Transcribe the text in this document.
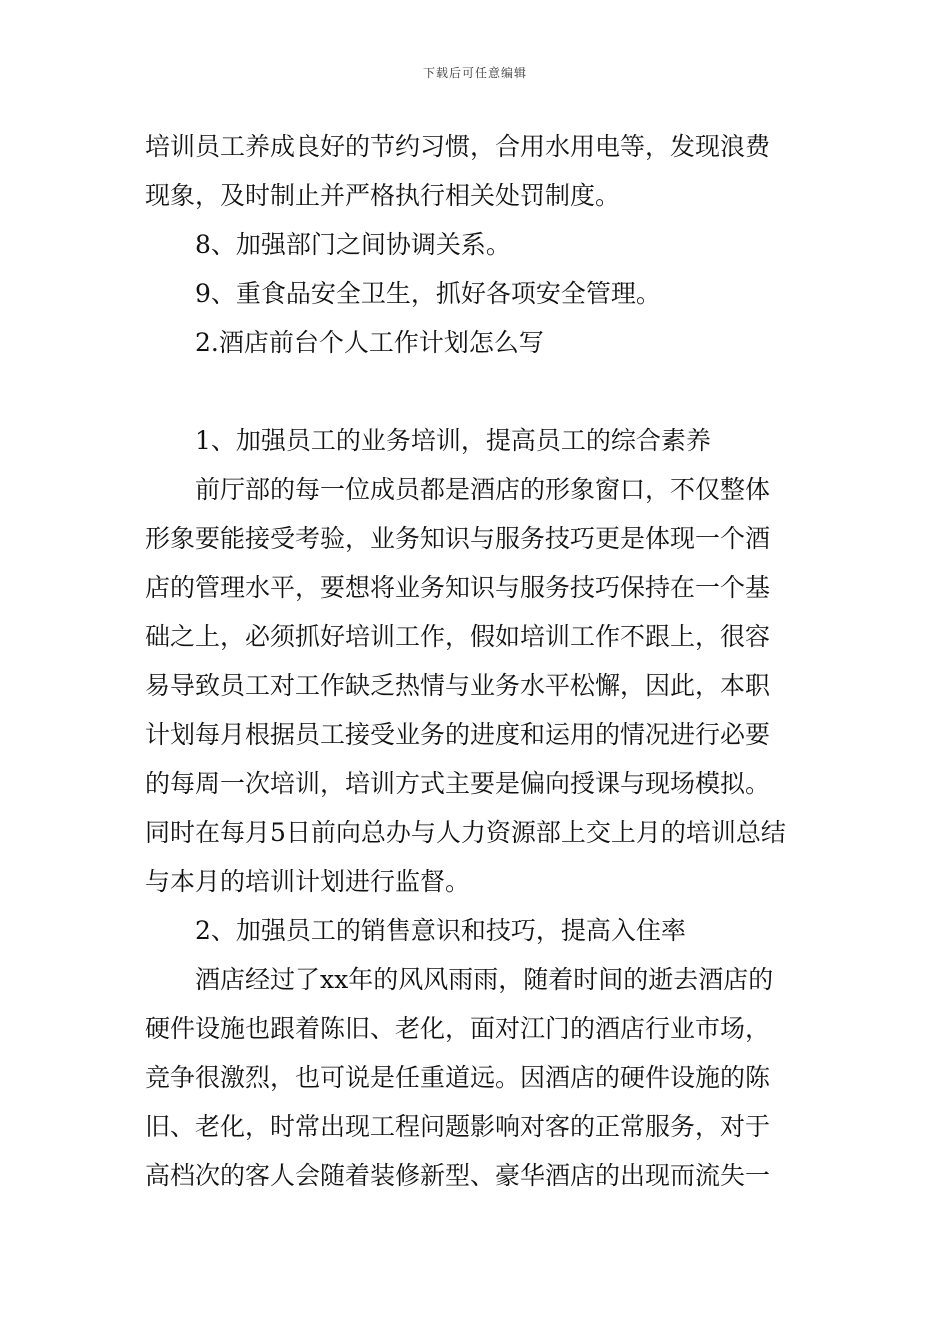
下载后可任意编辑
培训员工养成良好的节约习惯，合用水用电等，发现浪费
现象，及时制止并严格执行相关处罚制度。
8、加强部门之间协调关系。
9、重食品安全卫生，抓好各项安全管理。
2.酒店前台个人工作计划怎么写
1、加强员工的业务培训，提高员工的综合素养
前厅部的每一位成员都是酒店的形象窗口，不仅整体
形象要能接受考验，业务知识与服务技巧更是体现一个酒
店的管理水平，要想将业务知识与服务技巧保持在一个基
础之上，必须抓好培训工作，假如培训工作不跟上，很容
易导致员工对工作缺乏热情与业务水平松懈，因此，本职
计划每月根据员工接受业务的进度和运用的情况进行必要
的每周一次培训，培训方式主要是偏向授课与现场模拟。
同时在每月5日前向总办与人力资源部上交上月的培训总结
与本月的培训计划进行监督。
2、加强员工的销售意识和技巧，提高入住率
酒店经过了xx年的风风雨雨，随着时间的逝去酒店的
硬件设施也跟着陈旧、老化，面对江门的酒店行业市场，
竞争很激烈，也可说是任重道远。因酒店的硬件设施的陈
旧、老化，时常出现工程问题影响对客的正常服务，对于
高档次的客人会随着装修新型、豪华酒店的出现而流失一
